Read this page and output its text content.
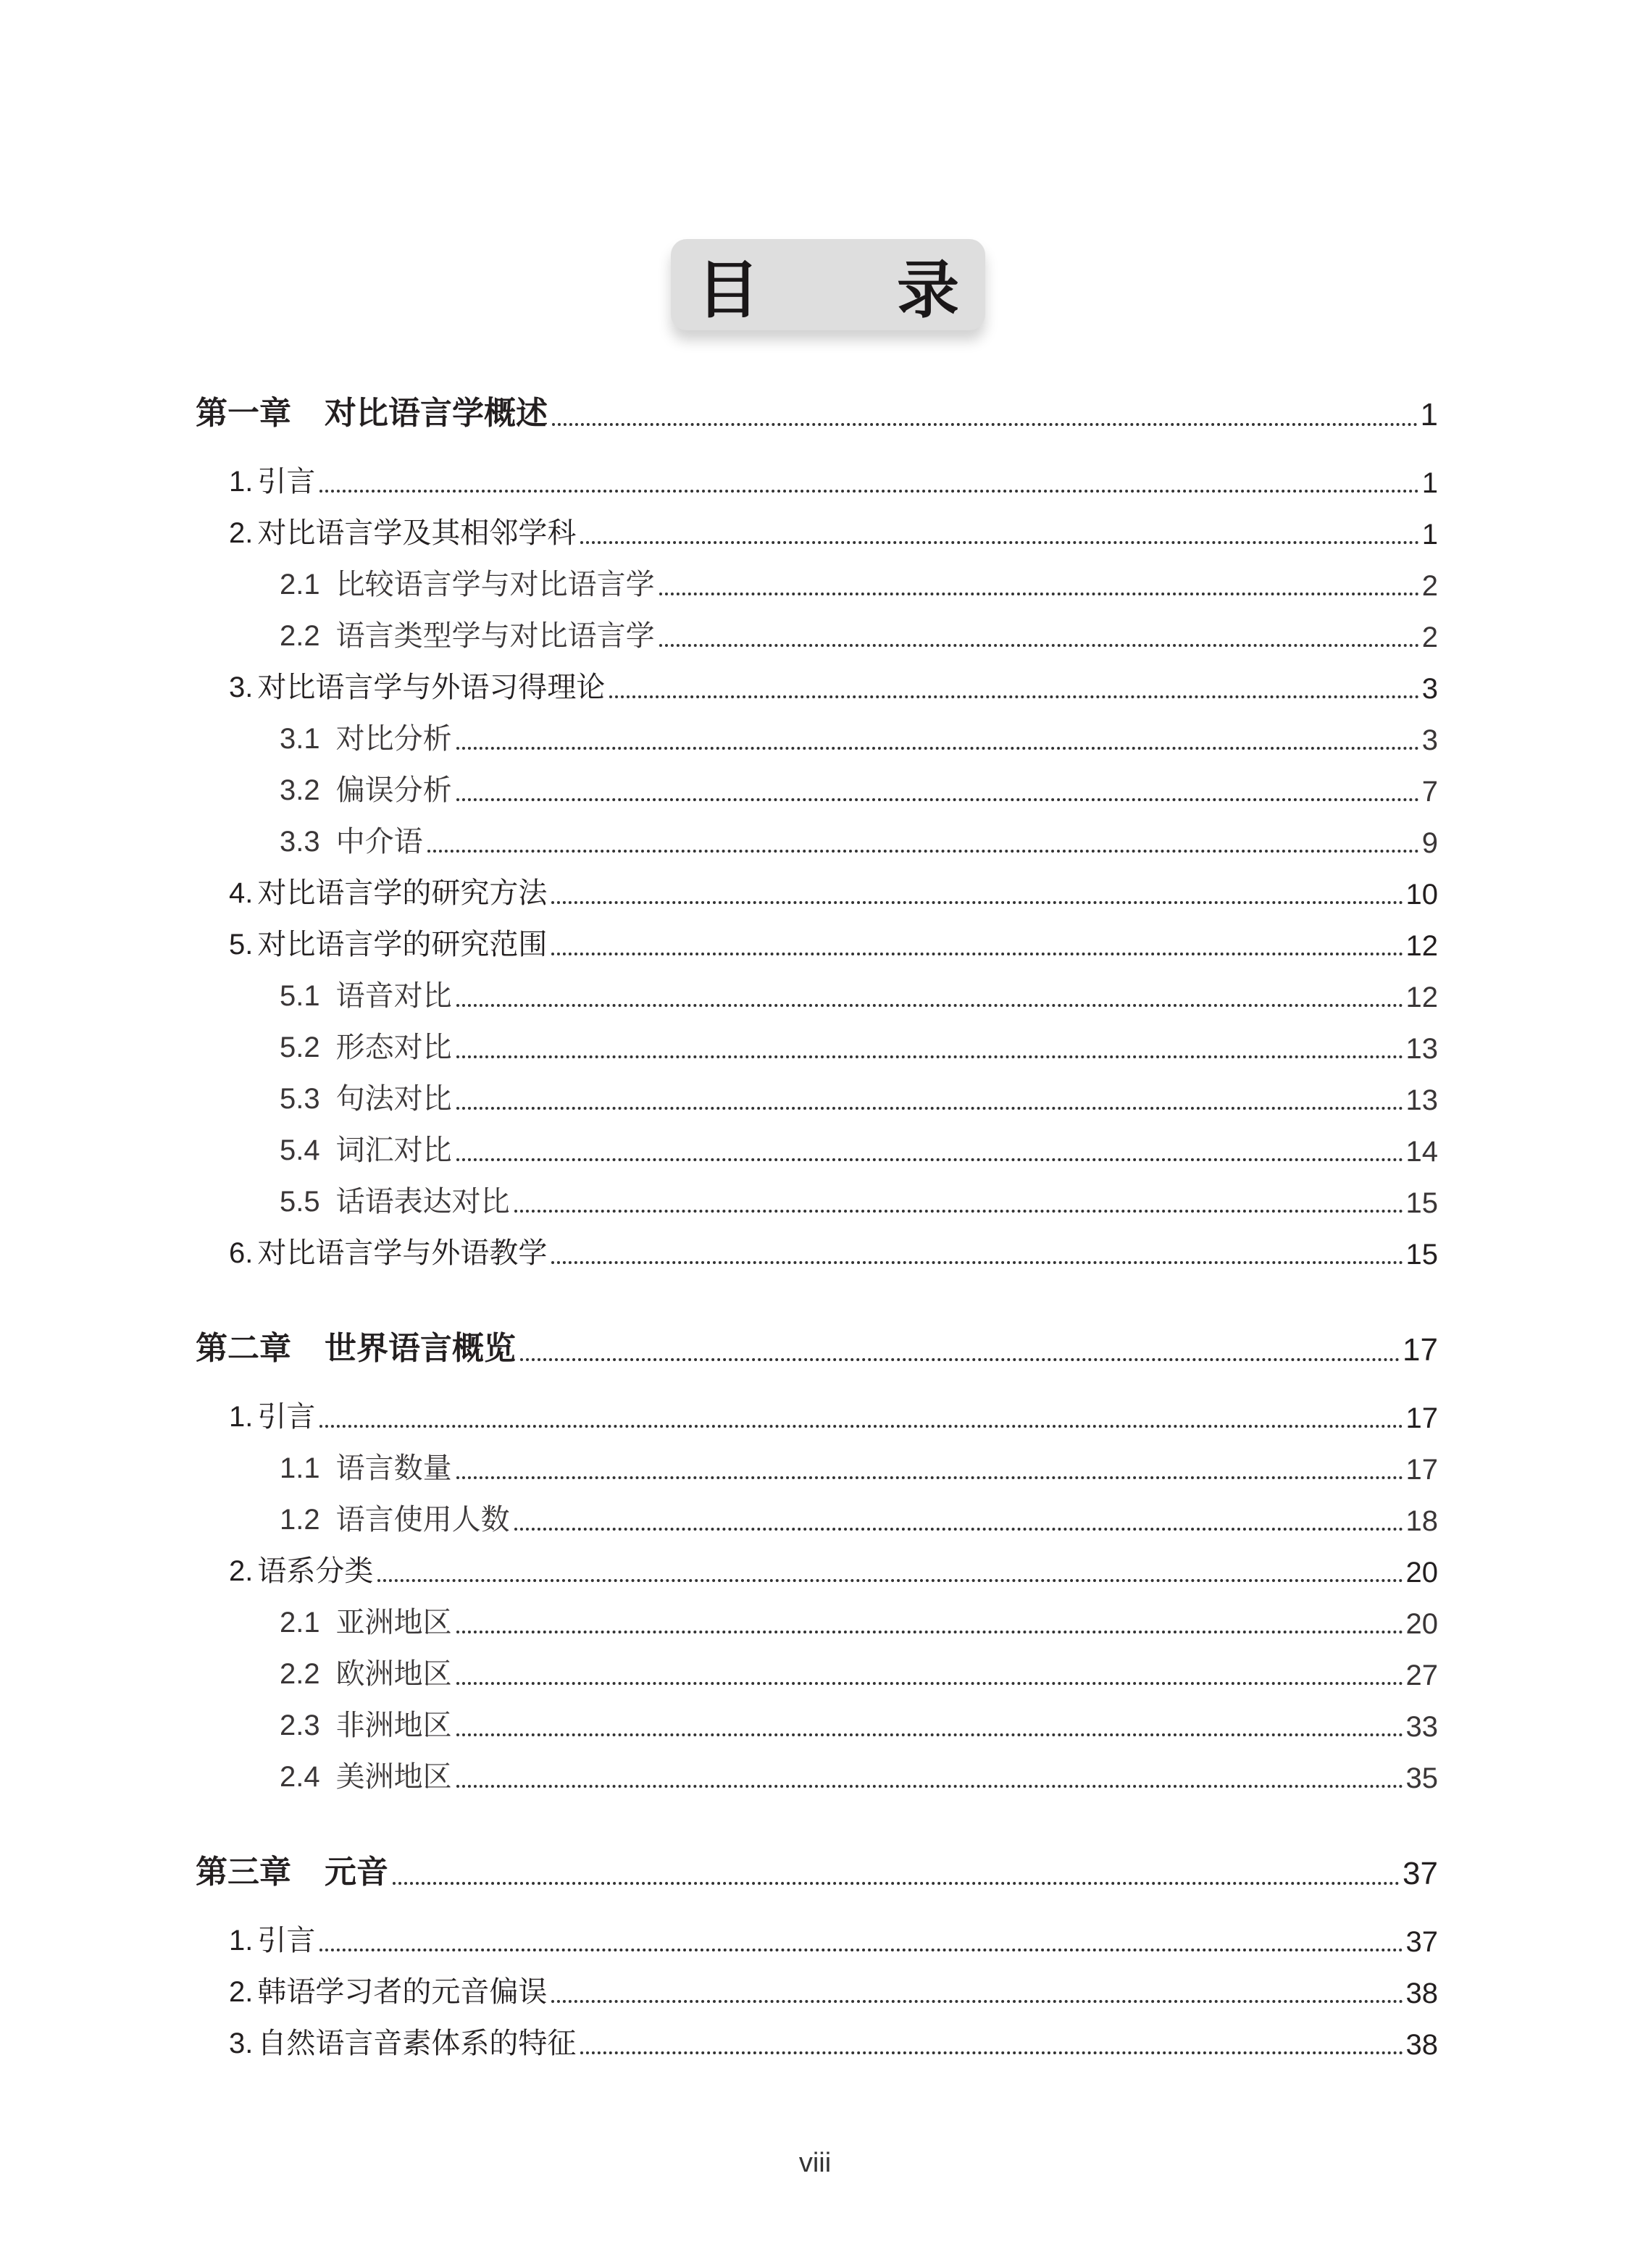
目 录
第一章 对比语言学概述	1
1. 引言	1
2. 对比语言学及其相邻学科	1
2.1 比较语言学与对比语言学	2
2.2 语言类型学与对比语言学	2
3. 对比语言学与外语习得理论	3
3.1 对比分析	3
3.2 偏误分析	7
3.3 中介语	9
4. 对比语言学的研究方法	10
5. 对比语言学的研究范围	12
5.1 语音对比	12
5.2 形态对比	13
5.3 句法对比	13
5.4 词汇对比	14
5.5 话语表达对比	15
6. 对比语言学与外语教学	15
第二章 世界语言概览	17
1. 引言	17
1.1 语言数量	17
1.2 语言使用人数	18
2. 语系分类	20
2.1 亚洲地区	20
2.2 欧洲地区	27
2.3 非洲地区	33
2.4 美洲地区	35
第三章 元音	37
1. 引言	37
2. 韩语学习者的元音偏误	38
3. 自然语言音素体系的特征	38
viii
